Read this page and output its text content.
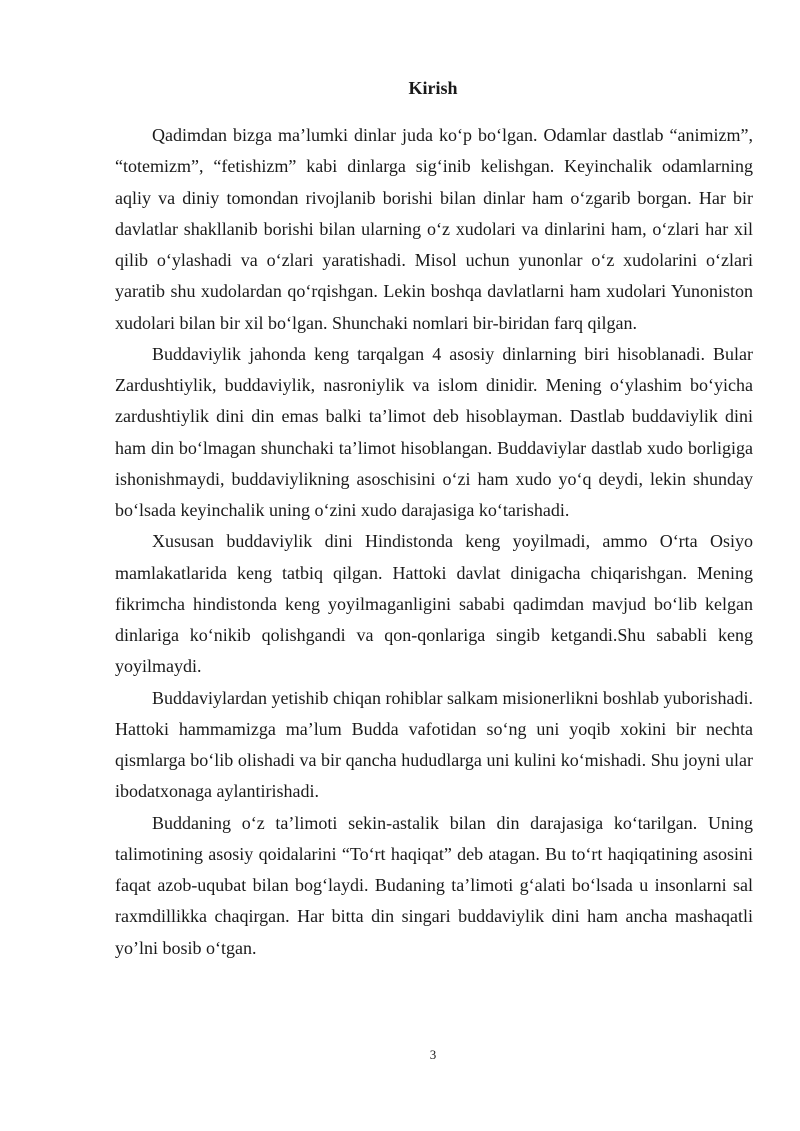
Kirish

Qadimdan bizga ma’lumki dinlar juda ko‘p bo‘lgan. Odamlar dastlab “animizm”, “totemizm”, “fetishizm” kabi dinlarga sig‘inib kelishgan. Keyinchalik odamlarning aqliy va diniy tomondan rivojlanib borishi bilan dinlar ham o‘zgarib borgan. Har bir davlatlar shakllanib borishi bilan ularning o‘z xudolari va dinlarini ham, o‘zlari har xil qilib o‘ylashadi va o‘zlari yaratishadi. Misol uchun yunonlar o‘z xudolarini o‘zlari yaratib shu xudolardan qo‘rqishgan. Lekin boshqa davlatlarni ham xudolari Yunoniston xudolari bilan bir xil bo‘lgan. Shunchaki nomlari bir-biridan farq qilgan.

Buddaviylik jahonda keng tarqalgan 4 asosiy dinlarning biri hisoblanadi. Bular Zardushtiylik, buddaviylik, nasroniylik va islom dinidir. Mening o‘ylashim bo‘yicha zardushtiylik dini din emas balki ta’limot deb hisoblayman. Dastlab buddaviylik dini ham din bo‘lmagan shunchaki ta’limot hisoblangan. Buddaviylar dastlab xudo borligiga ishonishmaydi, buddaviylikning asoschisini o‘zi ham xudo yo‘q deydi, lekin shunday bo‘lsada keyinchalik uning o‘zini xudo darajasiga ko‘tarishadi.

Xususan buddaviylik dini Hindistonda keng yoyilmadi, ammo O‘rta Osiyo mamlakatlarida keng tatbiq qilgan. Hattoki davlat dinigacha chiqarishgan. Mening fikrimcha hindistonda keng yoyilmaganligini sababi qadimdan mavjud bo‘lib kelgan dinlariga ko‘nikib qolishgandi va qon-qonlariga singib ketgandi.Shu sababli keng yoyilmaydi.

Buddaviylardan yetishib chiqan rohiblar salkam misionerlikni boshlab yuborishadi. Hattoki hammamizga ma’lum Budda vafotidan so‘ng uni yoqib xokini bir nechta qismlarga bo‘lib olishadi va bir qancha hududlarga uni kulini ko‘mishadi. Shu joyni ular ibodatxonaga aylantirishadi.

Buddaning o‘z ta’limoti sekin-astalik bilan din darajasiga ko‘tarilgan. Uning talimotining asosiy qoidalarini “To‘rt haqiqat” deb atagan. Bu to‘rt haqiqatining asosini faqat azob-uqubat bilan bog‘laydi. Budaning ta’limoti g‘alati bo‘lsada u insonlarni sal raxmdillikka chaqirgan. Har bitta din singari buddaviylik dini ham ancha mashaqatli yo’lni bosib o‘tgan.

3
